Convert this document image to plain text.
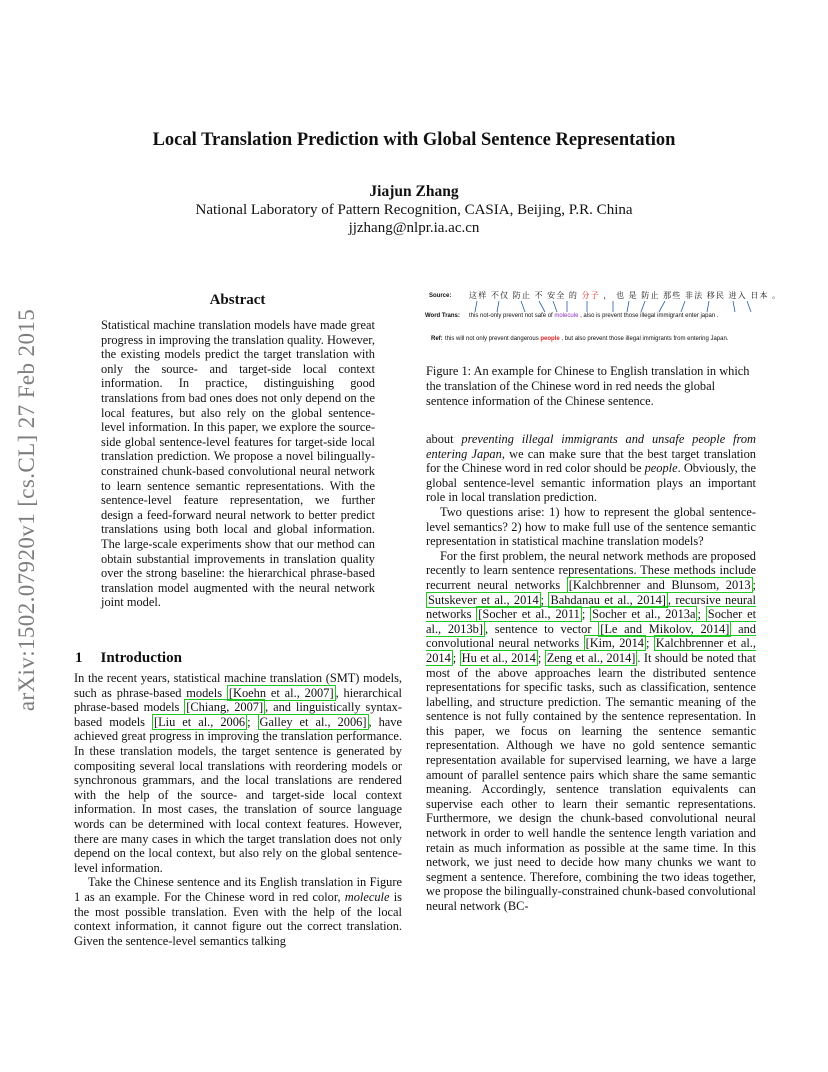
arXiv:1502.07920v1 [cs.CL] 27 Feb 2015
Local Translation Prediction with Global Sentence Representation
Jiajun Zhang
National Laboratory of Pattern Recognition, CASIA, Beijing, P.R. China
jjzhang@nlpr.ia.ac.cn
Abstract
Statistical machine translation models have made great progress in improving the translation quality. However, the existing models predict the target translation with only the source- and target-side local context information. In practice, distinguishing good translations from bad ones does not only depend on the local features, but also rely on the global sentence-level information. In this paper, we explore the source-side global sentence-level features for target-side local translation prediction. We propose a novel bilingually-constrained chunk-based convolutional neural network to learn sentence semantic representations. With the sentence-level feature representation, we further design a feed-forward neural network to better predict translations using both local and global information. The large-scale experiments show that our method can obtain substantial improvements in translation quality over the strong baseline: the hierarchical phrase-based translation model augmented with the neural network joint model.
1 Introduction

In the recent years, statistical machine translation (SMT) models, such as phrase-based models [Koehn et al., 2007] , hierarchical phrase-based models [Chiang, 2007] , and linguistically syntax-based models [Liu et al., 2006 ; Galley et al., 2006] , have achieved great progress in improving the translation performance. In these translation models, the target sentence is generated by compositing several local translations with reordering models or synchronous grammars, and the local translations are rendered with the help of the source- and target-side local context information. In most cases, the translation of source language words can be determined with local context features. However, there are many cases in which the target translation does not only depend on the local context, but also rely on the global sentence-level information.

Take the Chinese sentence and its English translation in Figure 1 as an example. For the Chinese word in red color, molecule is the most possible translation. Even with the help of the local context information, it cannot figure out the correct translation. Given the sentence-level semantics talking

Source: 这样 不仅 防止 不 安全 的 分子 ， 也 是 防止 那些 非法 移民 进入 日本 。
Word Trans: this not-only prevent not safe of molecule , also is prevent those illegal immigrant enter japan .
Ref: this will not only prevent dangerous people , but also prevent those illegal immigrants from entering Japan.
Figure 1: An example for Chinese to English translation in which the translation of the Chinese word in red needs the global sentence information of the Chinese sentence.

about preventing illegal immigrants and unsafe people from entering Japan, we can make sure that the best target translation for the Chinese word in red color should be people. Obviously, the global sentence-level semantic information plays an important role in local translation prediction.

Two questions arise: 1) how to represent the global sentence-level semantics? 2) how to make full use of the sentence semantic representation in statistical machine translation models?

For the first problem, the neural network methods are proposed recently to learn sentence representations. These methods include recurrent neural networks [Kalchbrenner and Blunsom, 2013 ; Sutskever et al., 2014 ; Bahdanau et al., 2014] , recursive neural networks [Socher et al., 2011 ; Socher et al., 2013a ; Socher et al., 2013b] , sentence to vector [Le and Mikolov, 2014] and convolutional neural networks [Kim, 2014 ; Kalchbrenner et al., 2014 ; Hu et al., 2014 ; Zeng et al., 2014] . It should be noted that most of the above approaches learn the distributed sentence representations for specific tasks, such as classification, sentence labelling, and structure prediction. The semantic meaning of the sentence is not fully contained by the sentence representation. In this paper, we focus on learning the sentence semantic representation. Although we have no gold sentence semantic representation available for supervised learning, we have a large amount of parallel sentence pairs which share the same semantic meaning. Accordingly, sentence translation equivalents can supervise each other to learn their semantic representations. Furthermore, we design the chunk-based convolutional neural network in order to well handle the sentence length variation and retain as much information as possible at the same time. In this network, we just need to decide how many chunks we want to segment a sentence. Therefore, combining the two ideas together, we propose the bilingually-constrained chunk-based convolutional neural network (BC-
